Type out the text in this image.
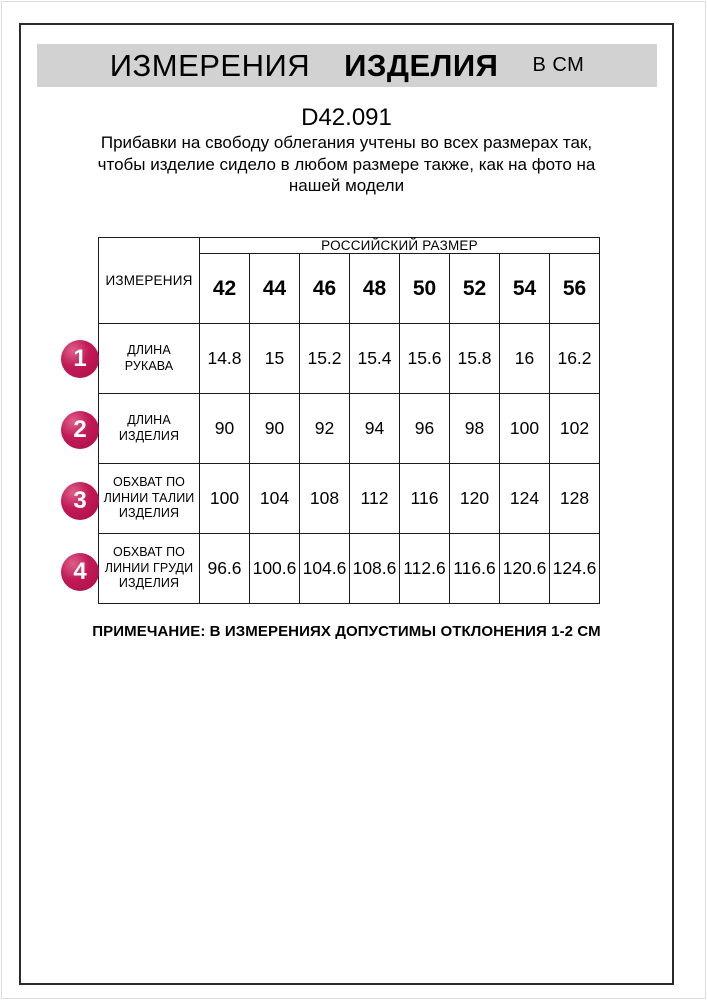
ИЗМЕРЕНИЯ ИЗДЕЛИЯ В СМ
D42.091
Прибавки на свободу облегания учтены во всех размерах так, чтобы изделие сидело в любом размере также, как на фото на нашей модели
ИЗМЕРЕНИЯ	РОССИЙСКИЙ РАЗМЕР							
	42	44	46	48	50	52	54	56
ДЛИНА РУКАВА	14.8	15	15.2	15.4	15.6	15.8	16	16.2
ДЛИНА ИЗДЕЛИЯ	90	90	92	94	96	98	100	102
ОБХВАТ ПО ЛИНИИ ТАЛИИ ИЗДЕЛИЯ	100	104	108	112	116	120	124	128
ОБХВАТ ПО ЛИНИИ ГРУДИ ИЗДЕЛИЯ	96.6	100.6	104.6	108.6	112.6	116.6	120.6	124.6
1
2
3
4
ПРИМЕЧАНИЕ: В ИЗМЕРЕНИЯХ ДОПУСТИМЫ ОТКЛОНЕНИЯ 1-2 СМ
